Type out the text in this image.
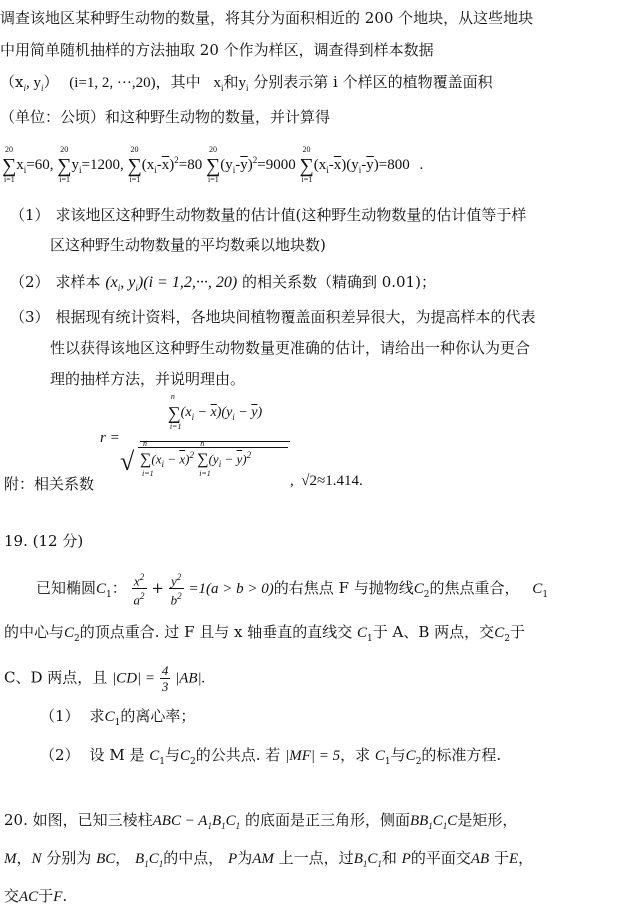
调查该地区某种野生动物的数量，将其分为面积相近的 200 个地块，从这些地块
中用简单随机抽样的方法抽取 20 个作为样区，调查得到样本数据
（$x_i$, $y_i$） (i=1, 2, ···,20)，其中 $x_i$和$y_i$ 分别表示第 i 个样区的植物覆盖面积
（单位：公顷）和这种野生动物的数量，并计算得
20
∑
i=1
$x_i=60$,
20
∑
i=1
$y_i=1200$,
20
∑
i=1
$(x_i-\overline{x})^2=80$
20
∑
i=1
$(y_i-\overline{y})^2=9000$
20
∑
i=1
$(x_i-\overline{x})(y_i-\overline{y})=800$ .
（1） 求该地区这种野生动物数量的估计值(这种野生动物数量的估计值等于样
区这种野生动物数量的平均数乘以地块数)
（2） 求样本 ($x_i$, $y_i)(i = 1,2,\cdot\cdot\cdot$, 20) 的相关系数（精确到 0.01)；
（3） 根据现有统计资料，各地块间植物覆盖面积差异很大，为提高样本的代表
性以获得该地区这种野生动物数量更准确的估计，请给出一种你认为更合
理的抽样方法，并说明理由。
r =
n
∑
i=1
$(x_i - \overline{x})(y_i - \overline{y})$
√
n
∑
i=1
$(x_i - \overline{x})^2$
n
∑
i=1
$(y_i - \overline{y})^2$
附：相关系数	,  √2≈1.414.
19. (12 分)
已知椭圆$C_1$： $\frac{x^2}{a^2} + \frac{y^2}{b^2} =1(a > b > 0)$的右焦点 F 与抛物线$C_2$的焦点重合， $C_1$
的中心与$C_2$的顶点重合. 过 F 且与 x 轴垂直的直线交 $C_1$于 A、B 两点，交$C_2$于
C、D 两点，且 $|CD| = \frac{4}{3} |AB|$.
（1） 求$C_1$的离心率；
（2） 设 M 是 $C_1$与$C_2$的公共点. 若 |MF| = 5，求 $C_1$与$C_2$的标准方程.
20. 如图，已知三棱柱ABC − $A_1B_1C_1$ 的底面是正三角形，侧面$BB_1C_1C$是矩形，
M，N 分别为 BC， $B_1C_1$的中点， P为AM 上一点，过$B_1C_1$和 P的平面交AB 于E，
交AC于F.
